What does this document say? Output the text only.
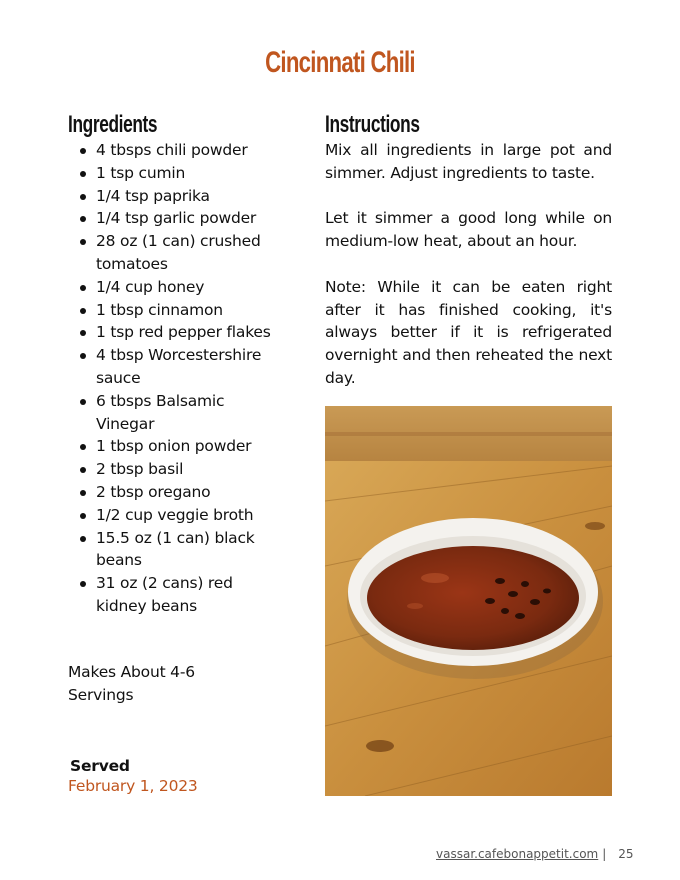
Cincinnati Chili
Ingredients
4 tbsps chili powder
1 tsp cumin
1/4 tsp paprika
1/4 tsp garlic powder
28 oz (1 can) crushed tomatoes
1/4 cup honey
1 tbsp cinnamon
1 tsp red pepper flakes
4 tbsp Worcestershire sauce
6 tbsps Balsamic Vinegar
1 tbsp onion powder
2 tbsp basil
2 tbsp oregano
1/2 cup veggie broth
15.5 oz (1 can) black beans
31 oz (2 cans) red kidney beans
Makes About 4-6 Servings
Served
February 1, 2023
Instructions

Mix all ingredients in large pot and simmer. Adjust ingredients to taste.

Let it simmer a good long while on medium-low heat, about an hour.

Note: While it can be eaten right after it has finished cooking, it's always better if it is refrigerated overnight and then reheated the next day.

vassar.cafebonappetit.com | 25
